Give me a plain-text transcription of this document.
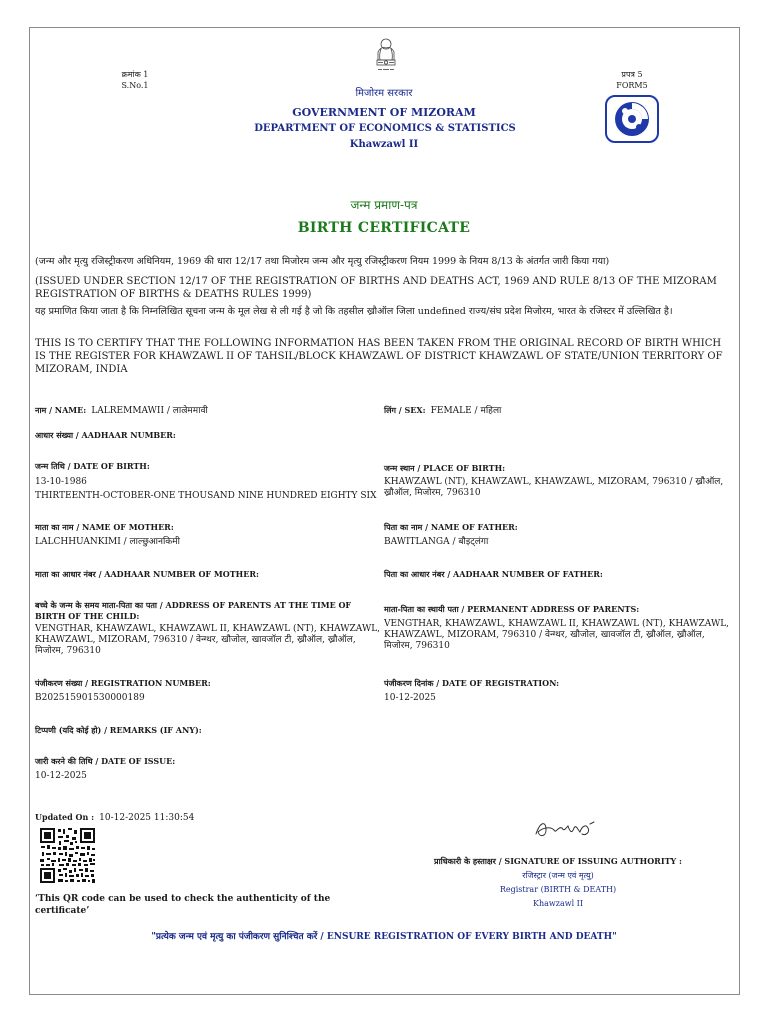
क्रमांक 1
S.No.1
प्रपत्र 5
FORM5
मिजोरम सरकार
GOVERNMENT OF MIZORAM
DEPARTMENT OF ECONOMICS & STATISTICS
Khawzawl II
जन्म प्रमाण-पत्र
BIRTH CERTIFICATE
(जन्म और मृत्यु रजिस्ट्रीकरण अधिनियम, 1969 की धारा 12/17 तथा मिजोरम जन्म और मृत्यु रजिस्ट्रीकरण नियम 1999 के नियम 8/13 के अंतर्गत जारी किया गया)
(ISSUED UNDER SECTION 12/17 OF THE REGISTRATION OF BIRTHS AND DEATHS ACT, 1969 AND RULE 8/13 OF THE MIZORAM REGISTRATION OF BIRTHS & DEATHS RULES 1999)
यह प्रमाणित किया जाता है कि निम्नलिखित सूचना जन्म के मूल लेख से ली गई है जो कि तहसील ख्रौऑल जिला undefined राज्य/संघ प्रदेश मिजोरम, भारत के रजिस्टर में उल्लिखित है।
THIS IS TO CERTIFY THAT THE FOLLOWING INFORMATION HAS BEEN TAKEN FROM THE ORIGINAL RECORD OF BIRTH WHICH IS THE REGISTER FOR KHAWZAWL II OF TAHSIL/BLOCK KHAWZAWL OF DISTRICT KHAWZAWL OF STATE/UNION TERRITORY OF MIZORAM, INDIA
नाम / NAME: LALREMMAWII / लाल्रेममावी	लिंग / SEX: FEMALE / महिला
आधार संख्या / AADHAAR NUMBER:
जन्म तिथि / DATE OF BIRTH:
13-10-1986
THIRTEENTH-OCTOBER-ONE THOUSAND NINE HUNDRED EIGHTY SIX
जन्म स्थान / PLACE OF BIRTH:
KHAWZAWL (NT), KHAWZAWL, KHAWZAWL, MIZORAM, 796310 / ख्रौऑल, ख्रौऑल, मिजोरम, 796310
माता का नाम / NAME OF MOTHER:
LALCHHUANKIMI / लाल्छुआनकिमी
पिता का नाम / NAME OF FATHER:
BAWITLANGA / बौइट्लंगा
माता का आधार नंबर / AADHAAR NUMBER OF MOTHER:	पिता का आधार नंबर / AADHAAR NUMBER OF FATHER:
बच्चे के जन्म के समय माता-पिता का पता / ADDRESS OF PARENTS AT THE TIME OF BIRTH OF THE CHILD:
VENGTHAR, KHAWZAWL, KHAWZAWL II, KHAWZAWL (NT), KHAWZAWL, KHAWZAWL, MIZORAM, 796310 / वेन्ग्थर, खौजोल, खावजॉल टी, ख्रौऑल, ख्रौऑल, मिजोरम, 796310
माता-पिता का स्थायी पता / PERMANENT ADDRESS OF PARENTS:
VENGTHAR, KHAWZAWL, KHAWZAWL II, KHAWZAWL (NT), KHAWZAWL, KHAWZAWL, MIZORAM, 796310 / वेन्ग्थर, खौजोल, खावजॉल टी, ख्रौऑल, ख्रौऑल, मिजोरम, 796310
पंजीकरण संख्या / REGISTRATION NUMBER:
B202515901530000189
पंजीकरण दिनांक / DATE OF REGISTRATION:
10-12-2025
टिप्पणी (यदि कोई हो) / REMARKS (IF ANY):
जारी करने की तिथि / DATE OF ISSUE:
10-12-2025
Updated On : 10-12-2025 11:30:54
‘This QR code can be used to check the authenticity of the certificate’
प्राधिकारी के हस्ताक्षर / SIGNATURE OF ISSUING AUTHORITY :
रजिस्ट्रार (जन्म एवं मृत्यु)
Registrar (BIRTH & DEATH)
Khawzawl II
"प्रत्येक जन्म एवं मृत्यु का पंजीकरण सुनिश्चित करें / ENSURE REGISTRATION OF EVERY BIRTH AND DEATH"
